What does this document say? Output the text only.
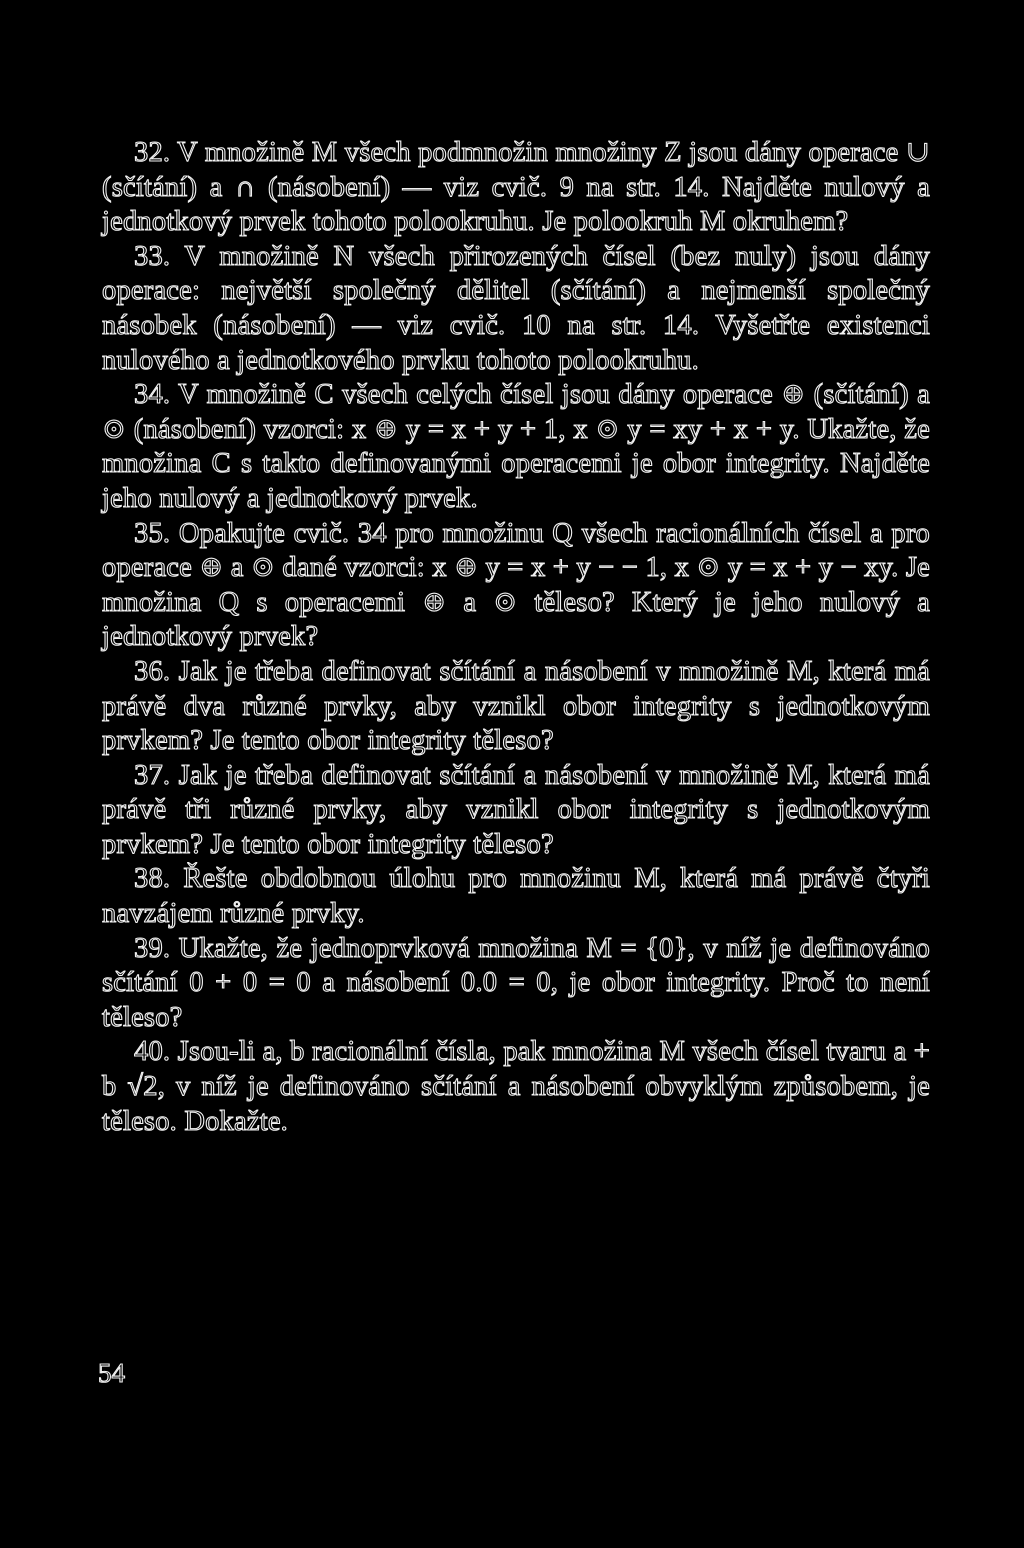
32. V množině M všech podmnožin množiny Z jsou dány operace ∪ (sčítání) a ∩ (násobení) — viz cvič. 9 na str. 14. Najděte nulový a jednotkový prvek tohoto polookruhu. Je polookruh M okruhem?

33. V množině N všech přirozených čísel (bez nuly) jsou dány operace: největší společný dělitel (sčítání) a nejmenší společný násobek (násobení) — viz cvič. 10 na str. 14. Vyšetřte existenci nulového a jednotkového prvku tohoto polookruhu.

34. V množině C všech celých čísel jsou dány operace ⊕ (sčítání) a ⊙ (násobení) vzorci: x ⊕ y = x + y + 1, x ⊙ y = xy + x + y. Ukažte, že množina C s takto definovanými operacemi je obor integrity. Najděte jeho nulový a jednotkový prvek.

35. Opakujte cvič. 34 pro množinu Q všech racionálních čísel a pro operace ⊕ a ⊙ dané vzorci: x ⊕ y = x + y − − 1, x ⊙ y = x + y − xy. Je množina Q s operacemi ⊕ a ⊙ těleso? Který je jeho nulový a jednotkový prvek?

36. Jak je třeba definovat sčítání a násobení v množině M, která má právě dva různé prvky, aby vznikl obor integrity s jednotkovým prvkem? Je tento obor integrity těleso?

37. Jak je třeba definovat sčítání a násobení v množině M, která má právě tři různé prvky, aby vznikl obor integrity s jednotkovým prvkem? Je tento obor integrity těleso?

38. Řešte obdobnou úlohu pro množinu M, která má právě čtyři navzájem různé prvky.

39. Ukažte, že jednoprvková množina M = {0}, v níž je definováno sčítání 0 + 0 = 0 a násobení 0.0 = 0, je obor integrity. Proč to není těleso?

40. Jsou-li a, b racionální čísla, pak množina M všech čísel tvaru a + b √2, v níž je definováno sčítání a násobení obvyklým způsobem, je těleso. Dokažte.

54
